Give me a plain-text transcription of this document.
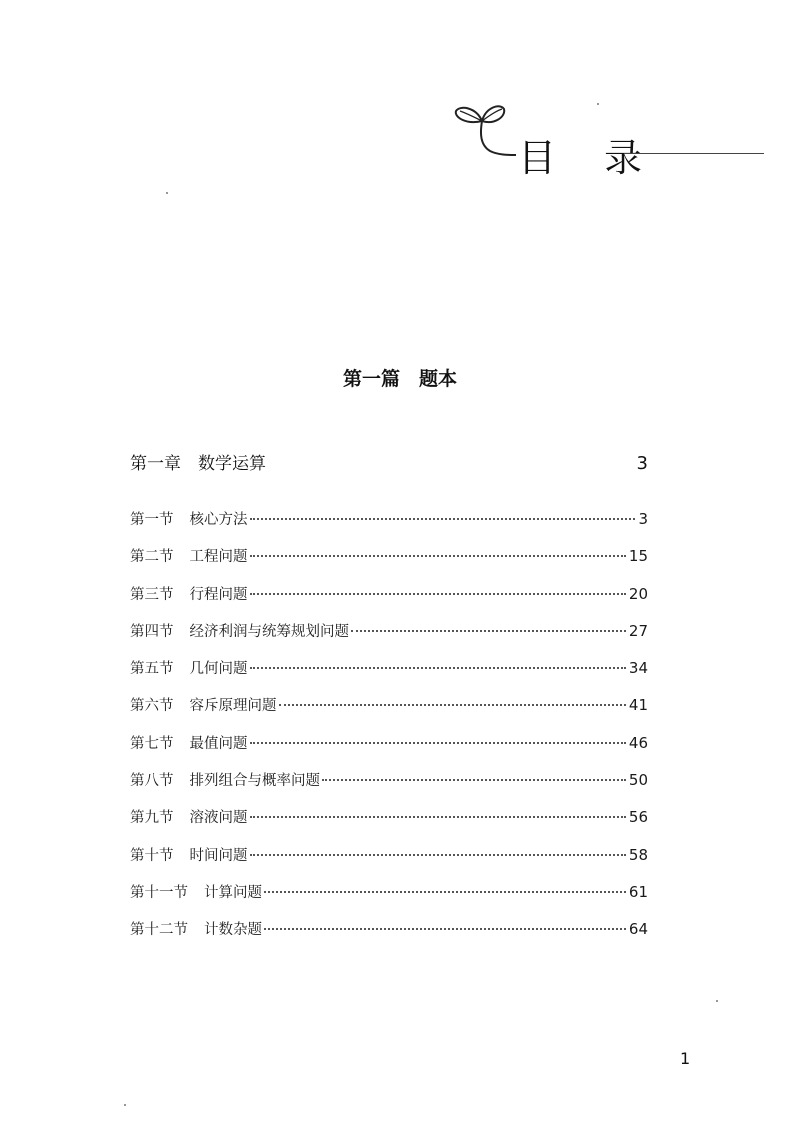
目 录
第一篇　题本
第一章　数学运算	3
第一节 核心方法	3
第二节 工程问题	15
第三节 行程问题	20
第四节 经济利润与统筹规划问题	27
第五节 几何问题	34
第六节 容斥原理问题	41
第七节 最值问题	46
第八节 排列组合与概率问题	50
第九节 溶液问题	56
第十节 时间问题	58
第十一节 计算问题	61
第十二节 计数杂题	64
1
